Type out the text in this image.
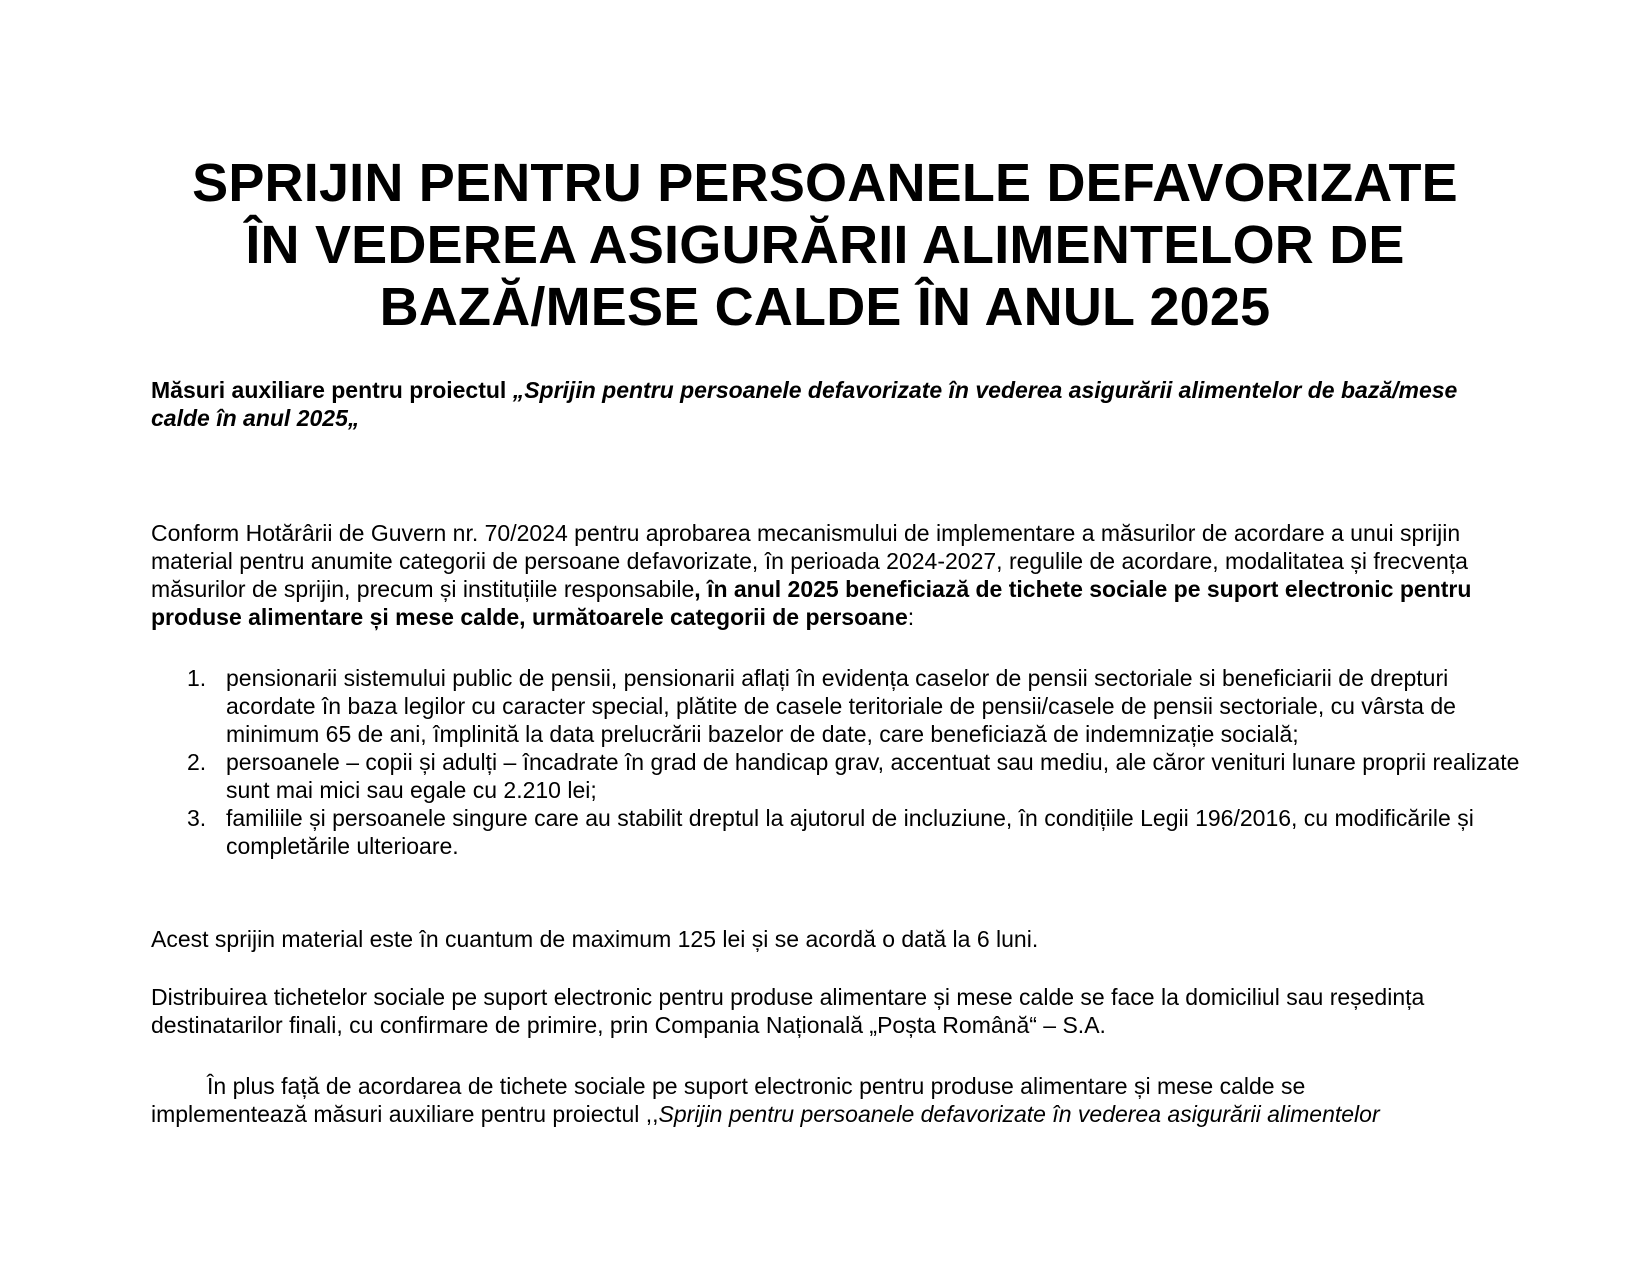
SPRIJIN PENTRU PERSOANELE DEFAVORIZATE
ÎN VEDEREA ASIGURĂRII ALIMENTELOR DE
BAZĂ/MESE CALDE ÎN ANUL 2025

Măsuri auxiliare pentru proiectul „Sprijin pentru persoanele defavorizate în vederea asigurării alimentelor de bază/mese calde în anul 2025„

Conform Hotărârii de Guvern nr. 70/2024 pentru aprobarea mecanismului de implementare a măsurilor de acordare a unui sprijin material pentru anumite categorii de persoane defavorizate, în perioada 2024-2027, regulile de acordare, modalitatea și frecvența măsurilor de sprijin, precum și instituțiile responsabile, în anul 2025 beneficiază de tichete sociale pe suport electronic pentru produse alimentare și mese calde, următoarele categorii de persoane:

1. pensionarii sistemului public de pensii, pensionarii aflați în evidența caselor de pensii sectoriale si beneficiarii de drepturi acordate în baza legilor cu caracter special, plătite de casele teritoriale de pensii/casele de pensii sectoriale, cu vârsta de minimum 65 de ani, împlinită la data prelucrării bazelor de date, care beneficiază de indemnizație socială;
2. persoanele – copii și adulți – încadrate în grad de handicap grav, accentuat sau mediu, ale căror venituri lunare proprii realizate sunt mai mici sau egale cu 2.210 lei;
3. familiile și persoanele singure care au stabilit dreptul la ajutorul de incluziune, în condițiile Legii 196/2016, cu modificările și completările ulterioare.

Acest sprijin material este în cuantum de maximum 125 lei și se acordă o dată la 6 luni.

Distribuirea tichetelor sociale pe suport electronic pentru produse alimentare și mese calde se face la domiciliul sau reședința destinatarilor finali, cu confirmare de primire, prin Compania Națională „Poșta Română“ – S.A.

În plus față de acordarea de tichete sociale pe suport electronic pentru produse alimentare și mese calde se
implementează măsuri auxiliare pentru proiectul ,,Sprijin pentru persoanele defavorizate în vederea asigurării alimentelor
